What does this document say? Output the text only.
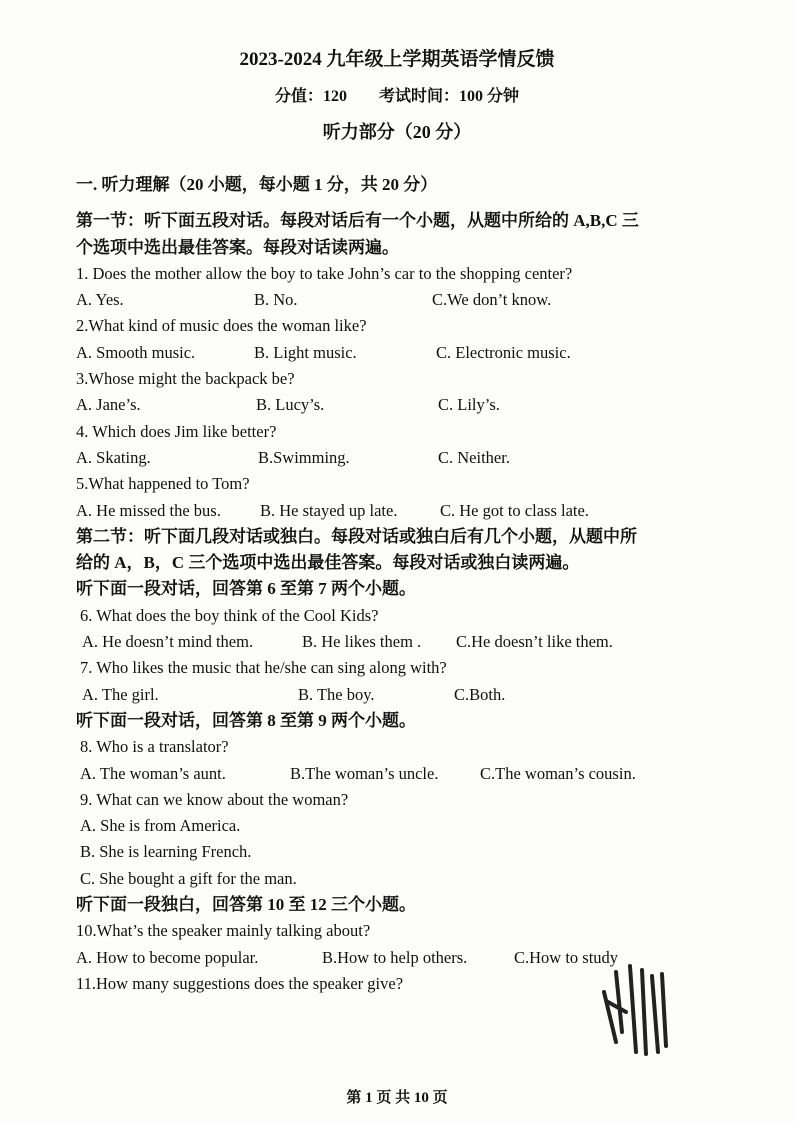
2023-2024 九年级上学期英语学情反馈
分值：120　　考试时间：100 分钟
听力部分（20 分）
一. 听力理解（20 小题，每小题 1 分，共 20 分）
第一节：听下面五段对话。每段对话后有一个小题，从题中所给的 A,B,C 三
个选项中选出最佳答案。每段对话读两遍。
1. Does the mother allow the boy to take John’s car to the shopping center?
A. Yes.	B. No.	C.We don’t know.
2.What kind of music does the woman like?
A. Smooth music.	B. Light music.	C. Electronic music.
3.Whose might the backpack be?
A. Jane’s.	B. Lucy’s.	C. Lily’s.
4. Which does Jim like better?
A. Skating.	B.Swimming.	C. Neither.
5.What happened to Tom?
A. He missed the bus. B. He stayed up late.	C. He got to class late.
第二节：听下面几段对话或独白。每段对话或独白后有几个小题，从题中所
给的 A，B，C 三个选项中选出最佳答案。每段对话或独白读两遍。
听下面一段对话，回答第 6 至第 7 两个小题。
6. What does the boy think of the Cool Kids?
A. He doesn’t mind them.	B. He likes them . C.He doesn’t like them.
7. Who likes the music that he/she can sing along with?
A. The girl.	B. The boy.	C.Both.
听下面一段对话，回答第 8 至第 9 两个小题。
8. Who is a translator?
A. The woman’s aunt.	B.The woman’s uncle.	C.The woman’s cousin.
9. What can we know about the woman?
A. She is from America.
B. She is learning French.
C. She bought a gift for the man.
听下面一段独白，回答第 10 至 12 三个小题。
10.What’s the speaker mainly talking about?
A. How to become popular.	B.How to help others.	C.How to study
11.How many suggestions does the speaker give?
第 1 页 共 10 页
